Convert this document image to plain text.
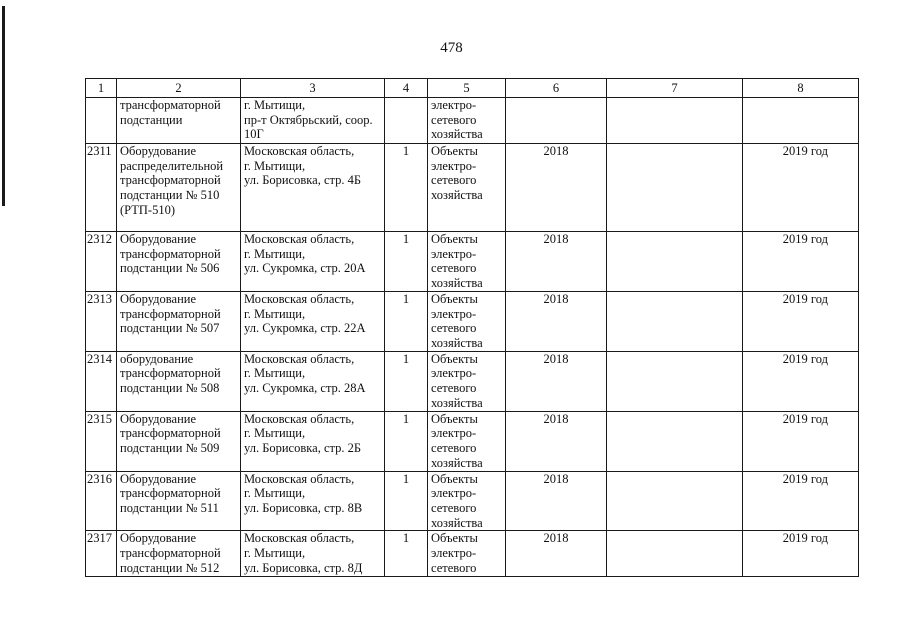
478
1	2	3	4	5	6	7	8

	трансформаторной
подстанции	г. Мытищи,
пр-т Октябрьский, соор.
10Г		электро-
сетевого
хозяйства			

2311	Оборудование
распределительной
трансформаторной
подстанции № 510
(РТП-510)	Московская область,
г. Мытищи,
ул. Борисовка, стр. 4Б	1	Объекты
электро-
сетевого
хозяйства	2018		2019 год
2312	Оборудование
трансформаторной
подстанции № 506	Московская область,
г. Мытищи,
ул. Сукромка, стр. 20А	1	Объекты
электро-
сетевого
хозяйства	2018		2019 год
2313	Оборудование
трансформаторной
подстанции № 507	Московская область,
г. Мытищи,
ул. Сукромка, стр. 22А	1	Объекты
электро-
сетевого
хозяйства	2018		2019 год
2314	оборудование
трансформаторной
подстанции № 508	Московская область,
г. Мытищи,
ул. Сукромка, стр. 28А	1	Объекты
электро-
сетевого
хозяйства	2018		2019 год
2315	Оборудование
трансформаторной
подстанции № 509	Московская область,
г. Мытищи,
ул. Борисовка, стр. 2Б	1	Объекты
электро-
сетевого
хозяйства	2018		2019 год
2316	Оборудование
трансформаторной
подстанции № 511	Московская область,
г. Мытищи,
ул. Борисовка, стр. 8В	1	Объекты
электро-
сетевого
хозяйства	2018		2019 год
2317	Оборудование
трансформаторной
подстанции № 512	Московская область,
г. Мытищи,
ул. Борисовка, стр. 8Д	1	Объекты
электро-
сетевого	2018		2019 год
